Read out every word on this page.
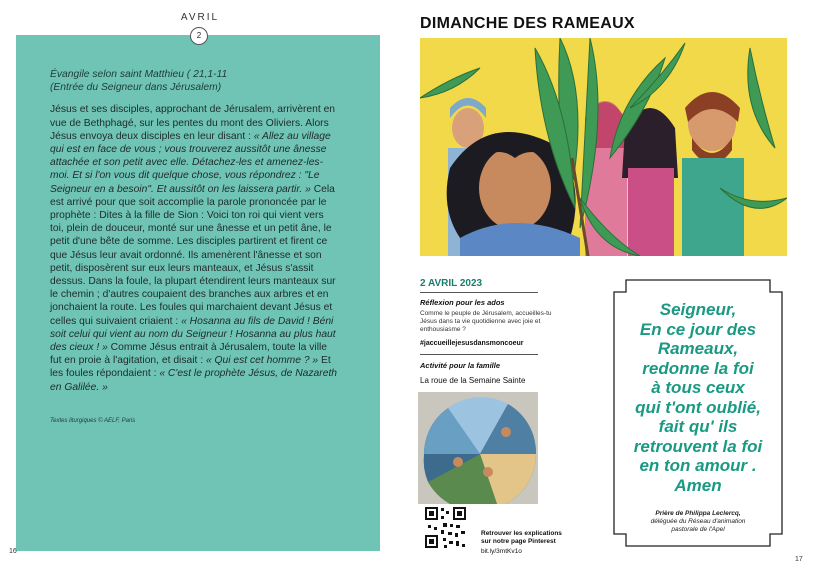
AVRIL
2
Évangile selon saint Matthieu ( 21,1-11
(Entrée du Seigneur dans Jérusalem)

Jésus et ses disciples, approchant de Jérusalem, arrivèrent en vue de Bethphagé, sur les pentes du mont des Oliviers. Alors Jésus envoya deux disciples en leur disant : « Allez au village qui est en face de vous ; vous trouverez aussitôt une ânesse attachée et son petit avec elle. Détachez-les et amenez-les-moi. Et si l'on vous dit quelque chose, vous répondrez : "Le Seigneur en a besoin". Et aussitôt on les laissera partir. » Cela est arrivé pour que soit accomplie la parole prononcée par le prophète : Dites à la fille de Sion : Voici ton roi qui vient vers toi, plein de douceur, monté sur une ânesse et un petit âne, le petit d'une bête de somme. Les disciples partirent et firent ce que Jésus leur avait ordonné. Ils amenèrent l'ânesse et son petit, disposèrent sur eux leurs manteaux, et Jésus s'assit dessus. Dans la foule, la plupart étendirent leurs manteaux sur le chemin ; d'autres coupaient des branches aux arbres et en jonchaient la route. Les foules qui marchaient devant Jésus et celles qui suivaient criaient : « Hosanna au fils de David ! Béni soit celui qui vient au nom du Seigneur ! Hosanna au plus haut des cieux ! » Comme Jésus entrait à Jérusalem, toute la ville fut en proie à l'agitation, et disait : « Qui est cet homme ? » Et les foules répondaient : « C'est le prophète Jésus, de Nazareth en Galilée. »

Textes liturgiques © AELF, Paris
16
DIMANCHE DES RAMEAUX
2 AVRIL 2023
Réflexion pour les ados
Comme le peuple de Jérusalem, accueilles-tu Jésus dans ta vie quotidienne avec joie et enthousiasme ?
#jaccueillejesusdansmoncoeur
Activité pour la famille
La roue de la Semaine Sainte
Retrouver les explications
sur notre page Pinterest
bit.ly/3mtKv1o
Seigneur,
En ce jour des
Rameaux,
redonne la foi
à tous ceux
qui t'ont oublié,
fait qu' ils
retrouvent la foi
en ton amour .
Amen
Prière de Philippa Leclercq,
déléguée du Réseau d'animation
pastorale de l'Apel
17
